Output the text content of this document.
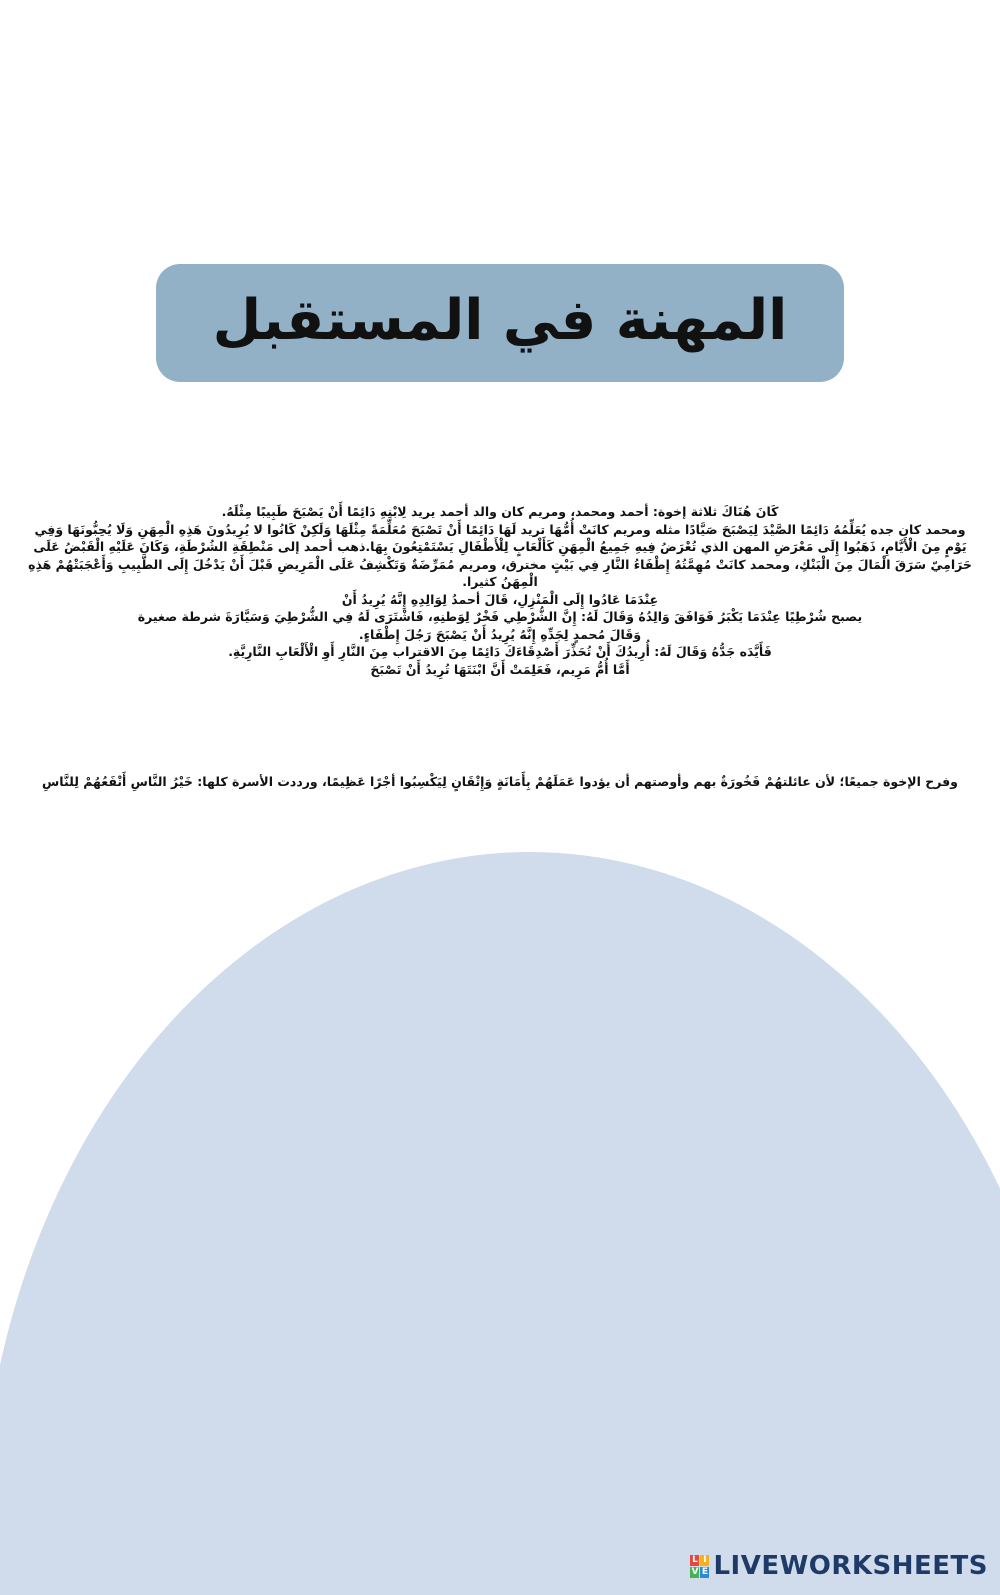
المهنة في المستقبل

كَانَ هُنَاكَ ثلاثة إخوة: أحمد ومحمد، ومريم كان والد أحمد يريد لِابْنِهِ دَائِمًا أَنْ يَصْبَحَ طَبِيبًا مِثْلَهُ.

ومحمد كان جده يُعَلِّمُهُ دَائِمًا الصَّيْدَ لِيَصْبَحَ صَيَّادًا مثله ومريم كانَتْ أُمُّهَا تريد لَهَا دَائِمًا أَنْ تَصْبَحَ مُعَلِّمَةً مِثْلَهَا وَلَكِنْ كَانُوا لا يُرِيدُونَ هَذِهِ الْمِهَنِ وَلَا يُحِبُّونَهَا وَفِي

يَوْمٍ مِنَ الْأَيَّامِ، ذَهَبُوا إِلَى مَعْرَضِ المهن الذي تُعْرَضُ فِيهِ جَمِيعُ الْمِهَنِ كَأَلْعَابٍ لِلْأَطْفَالِ يَسْتَمْتِعُونَ بِهَا.ذهب أحمد إلى مَنْطِقَةِ الشُرْطَةِ، وَكَانَ عَلَيْهِ الْقَبْضُ عَلَى

حَرَامِيّ سَرَقَ الْمَالَ مِنَ الْبَنْكِ، ومحمد كانَتْ مُهِمَّتُهُ إِطْفَاءُ النَّارِ فِي بَيْتٍ مخترق، ومريم مُمَرِّضَةٌ وَتَكْشِفُ عَلَى الْمَرِيضِ قَبْلَ أَنْ يَدْخُلَ إِلَى الطَّبِيبِ وَأَعْجَبَتْهُمْ هَذِهِ

الْمِهَنُ كثيرا.

عِنْدَمَا عَادُوا إِلَى الْمَنْزِلِ، قَالَ أحمدُ لِوَالِدِهِ إِنَّهُ يُرِيدُ أَنْ

يصبح شُرْطِيًا عِنْدَمَا يَكْبَرُ فَوَافَقَ وَالِدُهُ وَقَالَ لَهُ: إِنَّ الشُّرْطِي فَخْرٌ لِوَطنِهِ، فَاشْتَرَى لَهُ فِي الشُّرْطِيَ وَسَيَّارَةَ شرطة صغيرة

وَقَالَ مُحمدٍ لِجَدِّهِ إِنَّهُ يُرِيدُ أَنْ يَصْبَحَ رَجُلَ إِطْفَاءٍ.

فَأَيَّدَه جَدُّهُ وَقَالَ لَهُ: أُرِيدُكَ أَنْ تُحَذِّرَ أَصْدِقَاءَكَ دَائِمًا مِنَ الاقتراب مِنَ النَّارِ أَوِ الْأَلْعَابِ النَّارِيَّةِ.

أَمَّا أُمُّ مَرِيم، فَعَلِمَتْ أَنَّ ابْنَتَهَا تُرِيدُ أَنْ تَصْبَحَ

وفرح الإخوة جميعًا؛ لأن عائلتهُمْ فَخُورَةٌ بهم وأوصتهم أن يؤدوا عَمَلَهُمْ بِأَمَانَةٍ وَإِتْقَانٍ لِيَكْسِبُوا أجْرًا عَظِيمًا، ورددت الأسرة كلها: خَيْرُ النَّاسِ أَنْفَعُهُمْ لِلنَّاسِ

L I
V E LIVEWORKSHEETS
